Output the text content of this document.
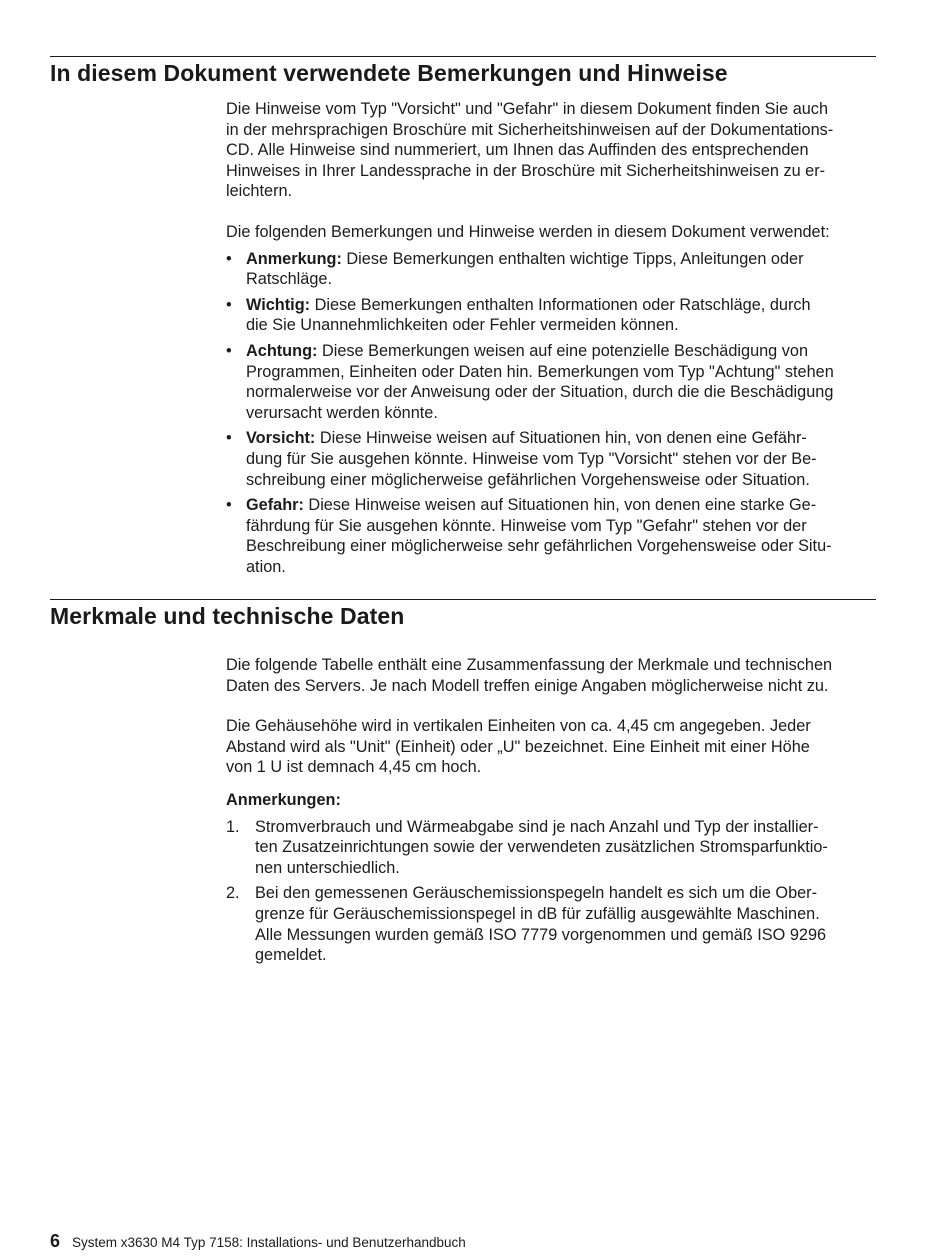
In diesem Dokument verwendete Bemerkungen und Hinweise

Die Hinweise vom Typ "Vorsicht" und "Gefahr" in diesem Dokument finden Sie auch
in der mehrsprachigen Broschüre mit Sicherheitshinweisen auf der Dokumentations-
CD. Alle Hinweise sind nummeriert, um Ihnen das Auffinden des entsprechenden
Hinweises in Ihrer Landessprache in der Broschüre mit Sicherheitshinweisen zu er-
leichtern.

Die folgenden Bemerkungen und Hinweise werden in diesem Dokument verwendet:

• Anmerkung: Diese Bemerkungen enthalten wichtige Tipps, Anleitungen oder
Ratschläge.
• Wichtig: Diese Bemerkungen enthalten Informationen oder Ratschläge, durch
die Sie Unannehmlichkeiten oder Fehler vermeiden können.
• Achtung: Diese Bemerkungen weisen auf eine potenzielle Beschädigung von
Programmen, Einheiten oder Daten hin. Bemerkungen vom Typ "Achtung" stehen
normalerweise vor der Anweisung oder der Situation, durch die die Beschädigung
verursacht werden könnte.
• Vorsicht: Diese Hinweise weisen auf Situationen hin, von denen eine Gefähr-
dung für Sie ausgehen könnte. Hinweise vom Typ "Vorsicht" stehen vor der Be-
schreibung einer möglicherweise gefährlichen Vorgehensweise oder Situation.
• Gefahr: Diese Hinweise weisen auf Situationen hin, von denen eine starke Ge-
fährdung für Sie ausgehen könnte. Hinweise vom Typ "Gefahr" stehen vor der
Beschreibung einer möglicherweise sehr gefährlichen Vorgehensweise oder Situ-
ation.
Merkmale und technische Daten

Die folgende Tabelle enthält eine Zusammenfassung der Merkmale und technischen
Daten des Servers. Je nach Modell treffen einige Angaben möglicherweise nicht zu.

Die Gehäusehöhe wird in vertikalen Einheiten von ca. 4,45 cm angegeben. Jeder
Abstand wird als "Unit" (Einheit) oder „U" bezeichnet. Eine Einheit mit einer Höhe
von 1 U ist demnach 4,45 cm hoch.

Anmerkungen:

1. Stromverbrauch und Wärmeabgabe sind je nach Anzahl und Typ der installier-
ten Zusatzeinrichtungen sowie der verwendeten zusätzlichen Stromsparfunktio-
nen unterschiedlich.
2. Bei den gemessenen Geräuschemissionspegeln handelt es sich um die Ober-
grenze für Geräuschemissionspegel in dB für zufällig ausgewählte Maschinen.
Alle Messungen wurden gemäß ISO 7779 vorgenommen und gemäß ISO 9296
gemeldet.
6 System x3630 M4 Typ 7158: Installations- und Benutzerhandbuch
